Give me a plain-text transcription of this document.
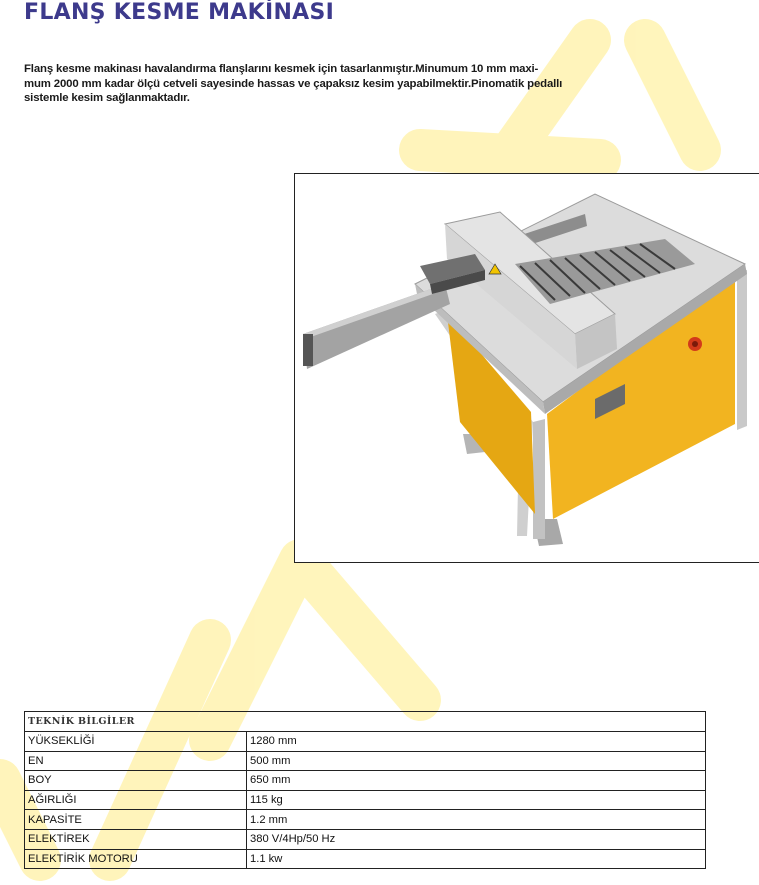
FLANŞ KESME MAKİNASI

Flanş kesme makinası havalandırma flanşlarını kesmek için tasarlanmıştır.Minumum 10 mm maxi-mum 2000 mm kadar ölçü cetveli sayesinde hassas ve çapaksız kesim yapabilmektir.Pinomatik pedallı sistemle kesim sağlanmaktadır.

TEKNİK BİLGİLER	
YÜKSEKLİĞİ	1280 mm
EN	500 mm
BOY	650 mm
AĞIRLIĞI	115 kg
KAPASİTE	1.2 mm
ELEKTİREK	380 V/4Hp/50 Hz
ELEKTİRİK MOTORU	1.1 kw
